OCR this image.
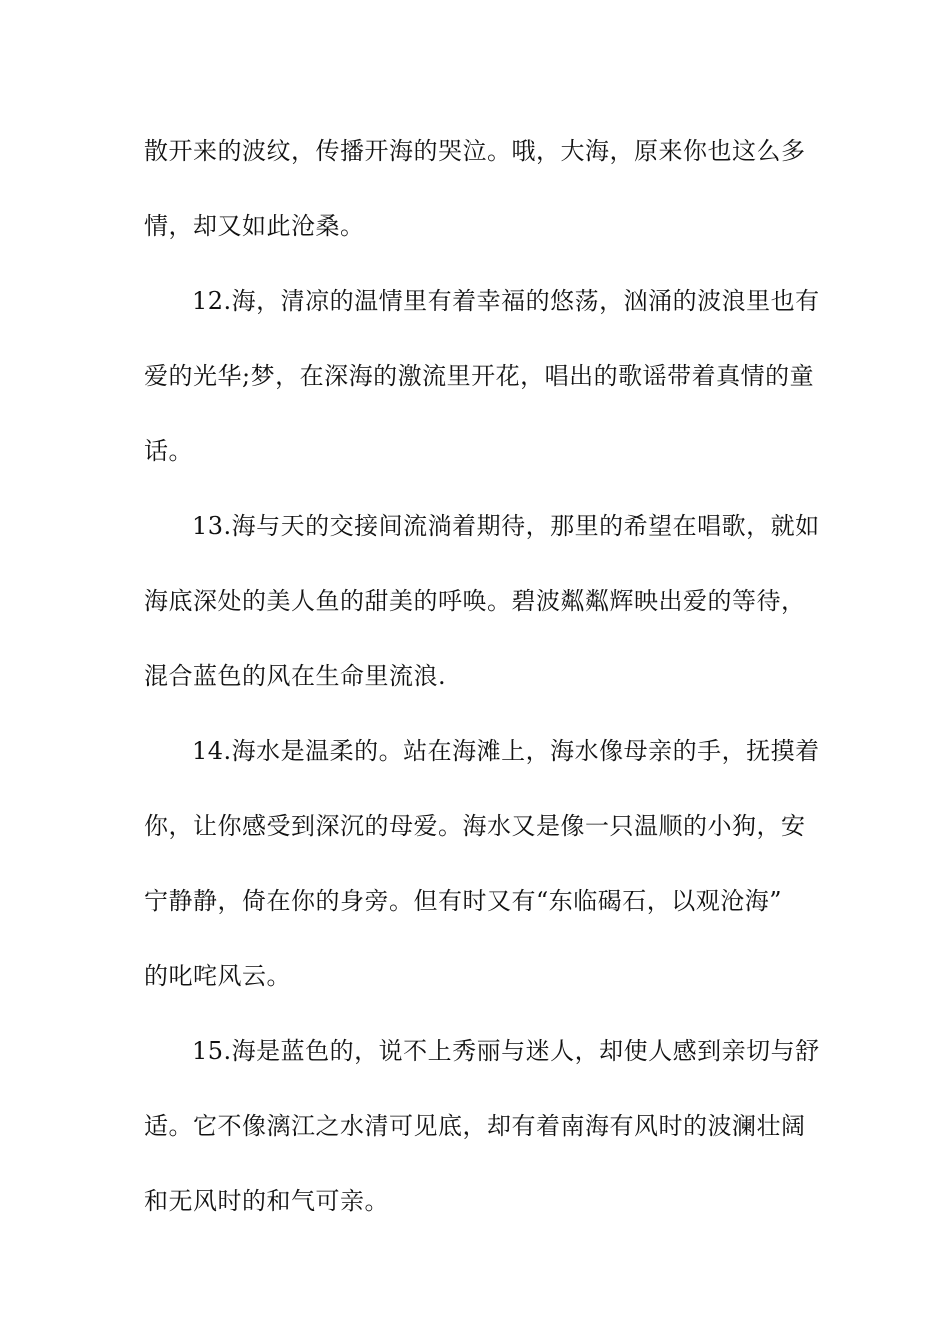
散开来的波纹，传播开海的哭泣。哦，大海，原来你也这么多
情，却又如此沧桑。
12.海，清凉的温情里有着幸福的悠荡，汹涌的波浪里也有
爱的光华;梦，在深海的激流里开花，唱出的歌谣带着真情的童
话。
13.海与天的交接间流淌着期待，那里的希望在唱歌，就如
海底深处的美人鱼的甜美的呼唤。碧波粼粼辉映出爱的等待，
混合蓝色的风在生命里流浪.
14.海水是温柔的。站在海滩上，海水像母亲的手，抚摸着
你，让你感受到深沉的母爱。海水又是像一只温顺的小狗，安
宁静静，倚在你的身旁。但有时又有“东临碣石，以观沧海”
的叱咤风云。
15.海是蓝色的，说不上秀丽与迷人，却使人感到亲切与舒
适。它不像漓江之水清可见底，却有着南海有风时的波澜壮阔
和无风时的和气可亲。
